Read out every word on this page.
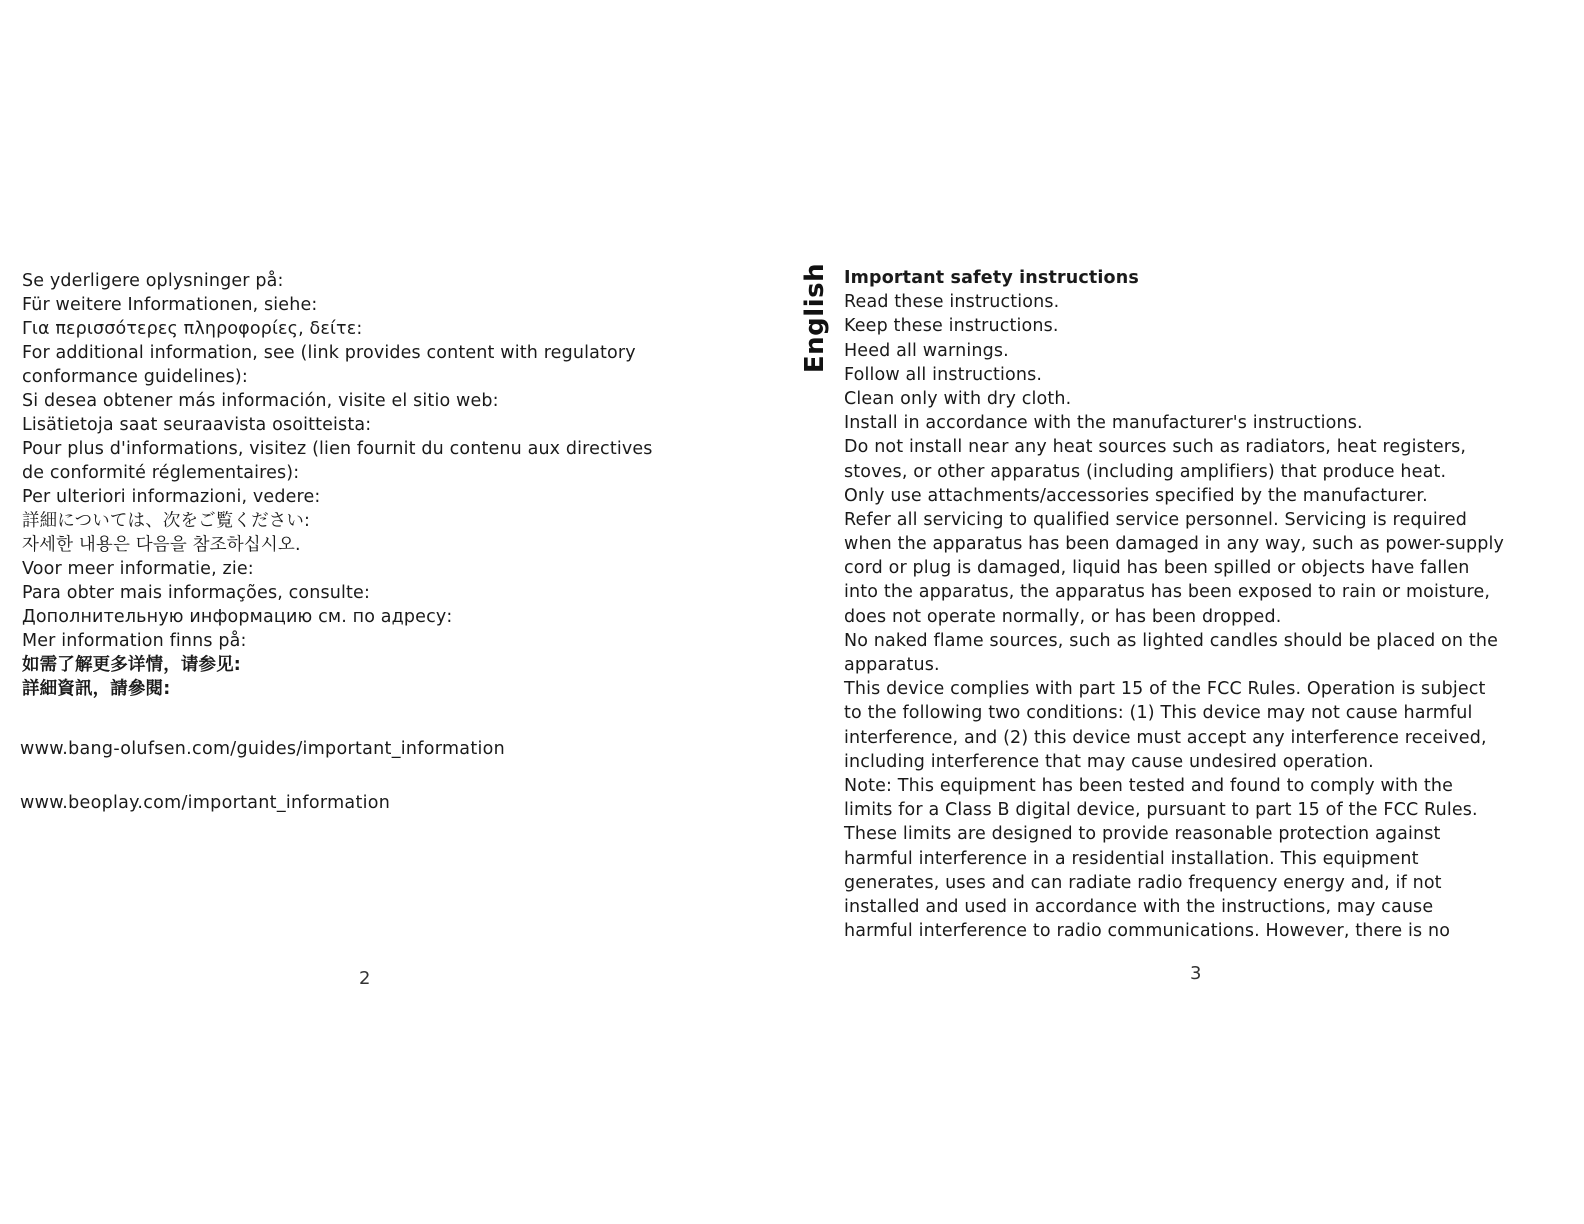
Se yderligere oplysninger på:
Für weitere Informationen, siehe:
Για περισσότερες πληροφορίες, δείτε:
For additional information, see (link provides content with regulatory
conformance guidelines):
Si desea obtener más información, visite el sitio web:
Lisätietoja saat seuraavista osoitteista:
Pour plus d'informations, visitez (lien fournit du contenu aux directives
de conformité réglementaires):
Per ulteriori informazioni, vedere:
詳細については、次をご覧ください:
자세한 내용은 다음을 참조하십시오.
Voor meer informatie, zie:
Para obter mais informações, consulte:
Дополнительную информацию см. по адресу:
Mer information finns på:
如需了解更多详情，请参见:
詳細資訊，請參閱:
www.bang-olufsen.com/guides/important_information
www.beoplay.com/important_information
2
English Important safety instructions
Read these instructions.
Keep these instructions.
Heed all warnings.
Follow all instructions.
Clean only with dry cloth.
Install in accordance with the manufacturer's instructions.
Do not install near any heat sources such as radiators, heat registers,
stoves, or other apparatus (including amplifiers) that produce heat.
Only use attachments/accessories specified by the manufacturer.
Refer all servicing to qualified service personnel. Servicing is required
when the apparatus has been damaged in any way, such as power-supply
cord or plug is damaged, liquid has been spilled or objects have fallen
into the apparatus, the apparatus has been exposed to rain or moisture,
does not operate normally, or has been dropped.
No naked flame sources, such as lighted candles should be placed on the
apparatus.
This device complies with part 15 of the FCC Rules. Operation is subject
to the following two conditions: (1) This device may not cause harmful
interference, and (2) this device must accept any interference received,
including interference that may cause undesired operation.
Note: This equipment has been tested and found to comply with the
limits for a Class B digital device, pursuant to part 15 of the FCC Rules.
These limits are designed to provide reasonable protection against
harmful interference in a residential installation. This equipment
generates, uses and can radiate radio frequency energy and, if not
installed and used in accordance with the instructions, may cause
harmful interference to radio communications. However, there is no
3
